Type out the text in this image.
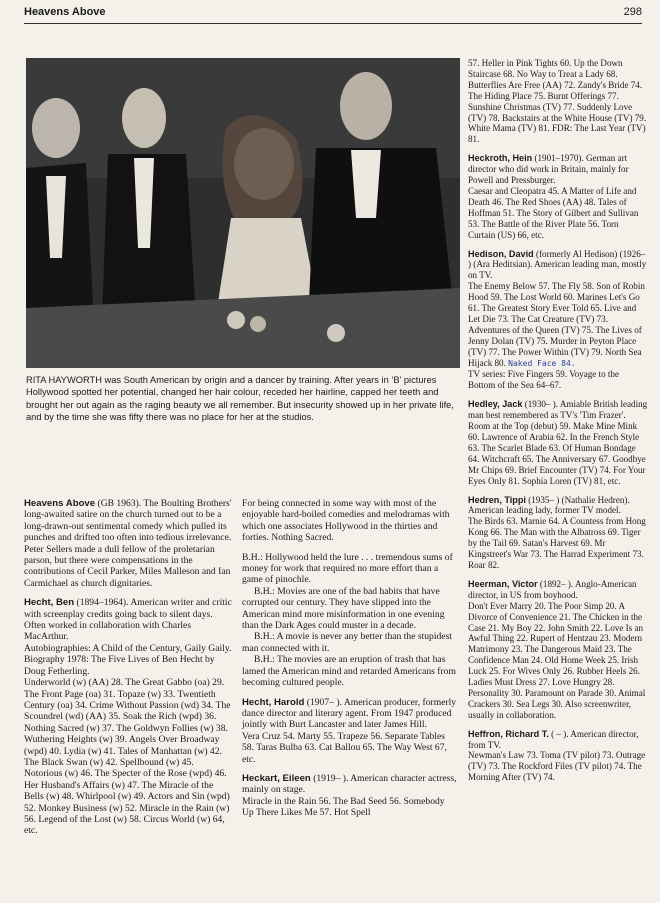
Heavens Above	298
RITA HAYWORTH was South American by origin and a dancer by training. After years in ‘B’ pictures Hollywood spotted her potential, changed her hair colour, receded her hairline, capped her teeth and brought her out again as the raging beauty we all remember. But insecurity showed up in her private life, and by the time she was fifty there was no place for her at the studios.

Heavens Above (GB 1963). The Boulting Brothers' long-awaited satire on the church turned out to be a long-drawn-out sentimental comedy which pulled its punches and drifted too often into tedious irrelevance. Peter Sellers made a dull fellow of the proletarian parson, but there were compensations in the contributions of Cecil Parker, Miles Malleson and Ian Carmichael as church dignitaries.

Hecht, Ben (1894–1964). American writer and critic with screenplay credits going back to silent days. Often worked in collaboration with Charles MacArthur.

Autobiographies: A Child of the Century, Gaily Gaily.

Biography 1978: The Five Lives of Ben Hecht by Doug Fetherling.

Underworld (w) (AA) 28. The Great Gabbo (oa) 29. The Front Page (oa) 31. Topaze (w) 33. Twentieth Century (oa) 34. Crime Without Passion (wd) 34. The Scoundrel (wd) (AA) 35. Soak the Rich (wpd) 36. Nothing Sacred (w) 37. The Goldwyn Follies (w) 38. Wuthering Heights (w) 39. Angels Over Broadway (wpd) 40. Lydia (w) 41. Tales of Manhattan (w) 42. The Black Swan (w) 42. Spellbound (w) 45. Notorious (w) 46. The Specter of the Rose (wpd) 46. Her Husband's Affairs (w) 47. The Miracle of the Bells (w) 48. Whirlpool (w) 49. Actors and Sin (wpd) 52. Monkey Business (w) 52. Miracle in the Rain (w) 56. Legend of the Lost (w) 58. Circus World (w) 64, etc.

For being connected in some way with most of the enjoyable hard-boiled comedies and melodramas with which one associates Hollywood in the thirties and forties. Nothing Sacred.

B.H.: Hollywood held the lure . . . tremendous sums of money for work that required no more effort than a game of pinochle.

B.H.: Movies are one of the bad habits that have corrupted our century. They have slipped into the American mind more misinformation in one evening than the Dark Ages could muster in a decade.

B.H.: A movie is never any better than the stupidest man connected with it.

B.H.: The movies are an eruption of trash that has lamed the American mind and retarded Americans from becoming cultured people.

Hecht, Harold (1907– ). American producer, formerly dance director and literary agent. From 1947 produced jointly with Burt Lancaster and later James Hill.

Vera Cruz 54. Marty 55. Trapeze 56. Separate Tables 58. Taras Bulba 63. Cat Ballou 65. The Way West 67, etc.

Heckart, Eileen (1919– ). American character actress, mainly on stage.

Miracle in the Rain 56. The Bad Seed 56. Somebody Up There Likes Me 57. Hot Spell

57. Heller in Pink Tights 60. Up the Down Staircase 68. No Way to Treat a Lady 68. Butterflies Are Free (AA) 72. Zandy's Bride 74. The Hiding Place 75. Burnt Offerings 77. Sunshine Christmas (TV) 77. Suddenly Love (TV) 78. Backstairs at the White House (TV) 79. White Mama (TV) 81. FDR: The Last Year (TV) 81.

Heckroth, Hein (1901–1970). German art director who did work in Britain, mainly for Powell and Pressburger.

Caesar and Cleopatra 45. A Matter of Life and Death 46. The Red Shoes (AA) 48. Tales of Hoffman 51. The Story of Gilbert and Sullivan 53. The Battle of the River Plate 56. Torn Curtain (US) 66, etc.

Hedison, David (formerly Al Hedison) (1926– ) (Ara Heditsian). American leading man, mostly on TV.

The Enemy Below 57. The Fly 58. Son of Robin Hood 59. The Lost World 60. Marines Let's Go 61. The Greatest Story Ever Told 65. Live and Let Die 73. The Cat Creature (TV) 73. Adventures of the Queen (TV) 75. The Lives of Jenny Dolan (TV) 75. Murder in Peyton Place (TV) 77. The Power Within (TV) 79. North Sea Hijack 80. Naked Face 84.

TV series: Five Fingers 59. Voyage to the Bottom of the Sea 64–67.

Hedley, Jack (1930– ). Amiable British leading man best remembered as TV's 'Tim Frazer'.

Room at the Top (debut) 59. Make Mine Mink 60. Lawrence of Arabia 62. In the French Style 63. The Scarlet Blade 63. Of Human Bondage 64. Witchcraft 65. The Anniversary 67. Goodbye Mr Chips 69. Brief Encounter (TV) 74. For Your Eyes Only 81. Sophia Loren (TV) 81, etc.

Hedren, Tippi (1935– ) (Nathalie Hedren). American leading lady, former TV model.

The Birds 63. Marnie 64. A Countess from Hong Kong 66. The Man with the Albatross 69. Tiger by the Tail 69. Satan's Harvest 69. Mr Kingstreet's War 73. The Harrad Experiment 73. Roar 82.

Heerman, Victor (1892– ). Anglo-American director, in US from boyhood.

Don't Ever Marry 20. The Poor Simp 20. A Divorce of Convenience 21. The Chicken in the Case 21. My Boy 22. John Smith 22. Love Is an Awful Thing 22. Rupert of Hentzau 23. Modern Matrimony 23. The Dangerous Maid 23. The Confidence Man 24. Old Home Week 25. Irish Luck 25. For Wives Only 26. Rubber Heels 26. Ladies Must Dress 27. Love Hungry 28. Personality 30. Paramount on Parade 30. Animal Crackers 30. Sea Legs 30. Also screenwriter, usually in collaboration.

Heffron, Richard T. ( – ). American director, from TV.

Newman's Law 73. Toma (TV pilot) 73. Outrage (TV) 73. The Rockford Files (TV pilot) 74. The Morning After (TV) 74.
